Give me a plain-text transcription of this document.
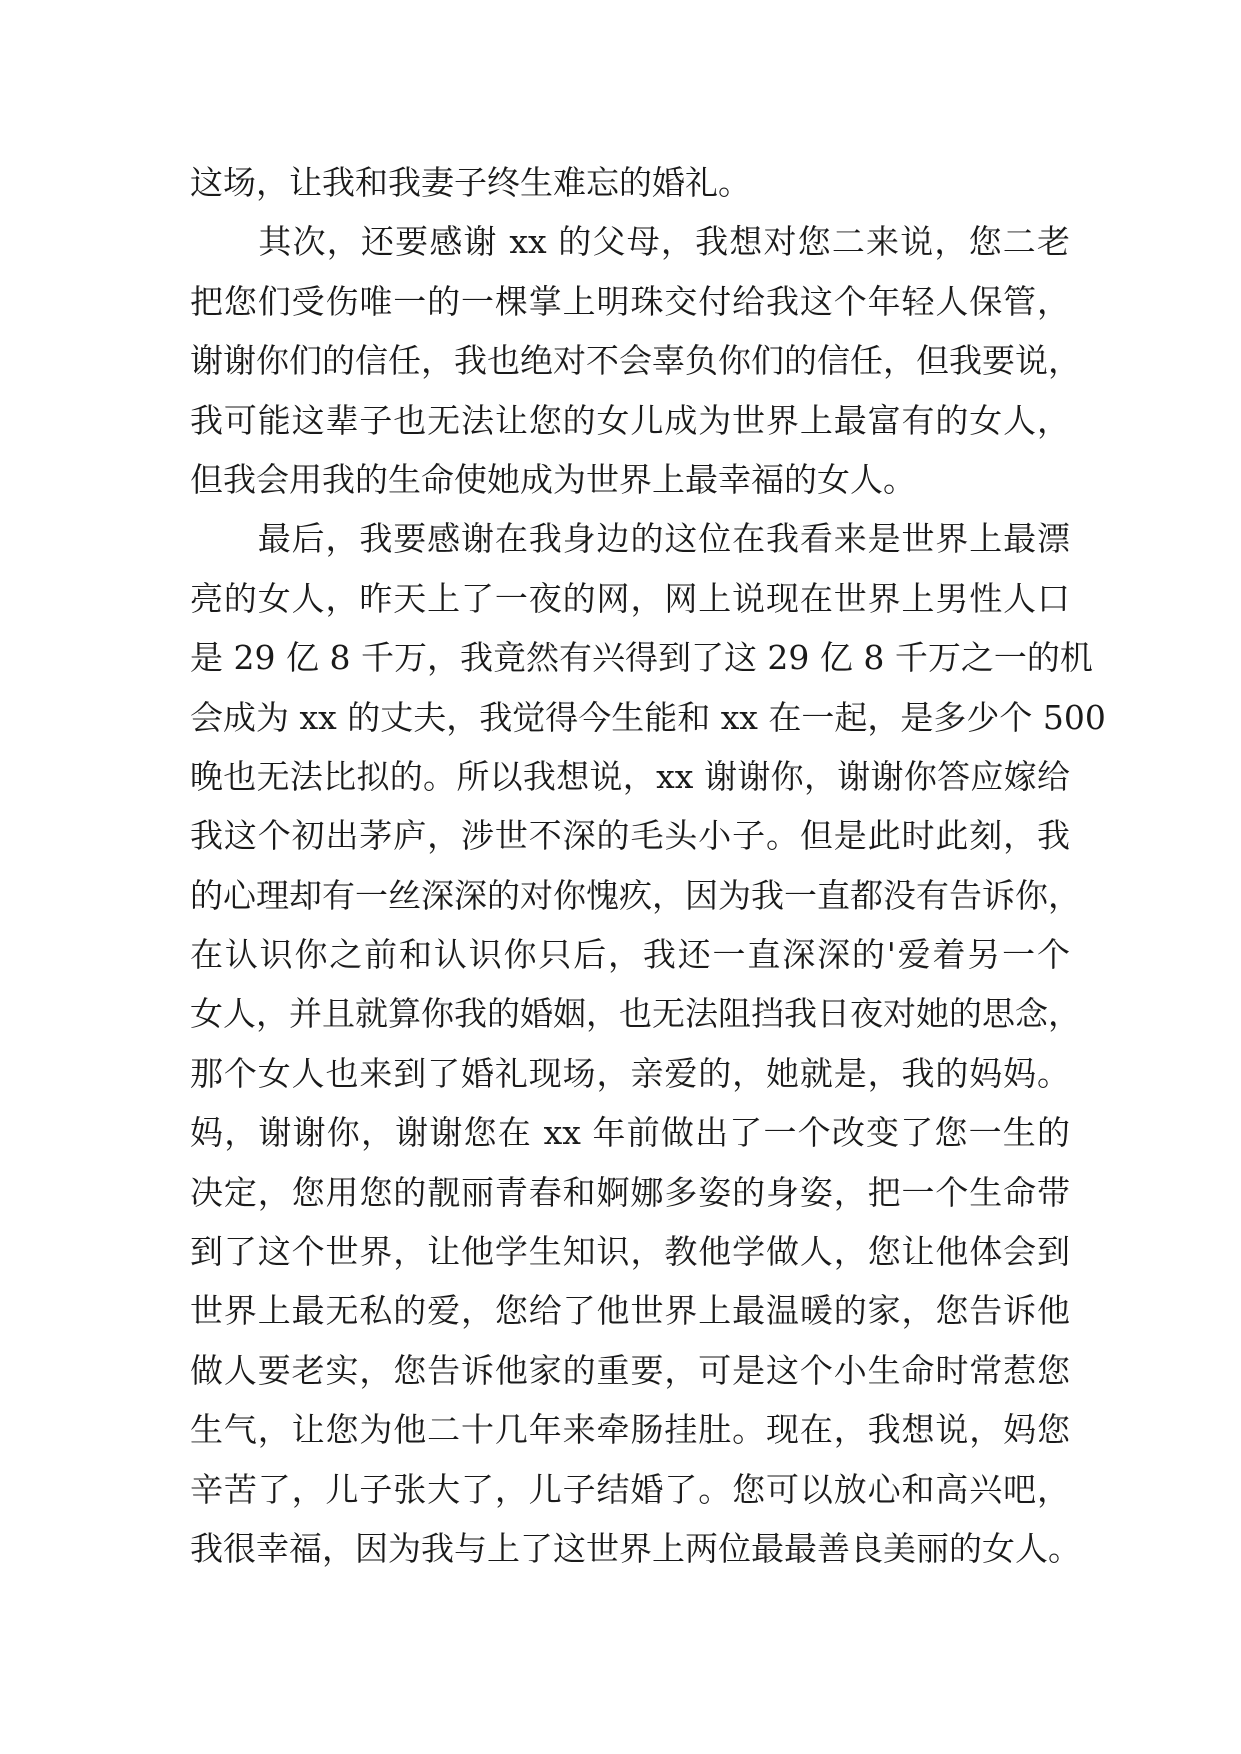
这场，让我和我妻子终生难忘的婚礼。
　　其次，还要感谢 xx 的父母，我想对您二来说，您二老
把您们受伤唯一的一棵掌上明珠交付给我这个年轻人保管，
谢谢你们的信任，我也绝对不会辜负你们的信任，但我要说，
我可能这辈子也无法让您的女儿成为世界上最富有的女人，
但我会用我的生命使她成为世界上最幸福的女人。
　　最后，我要感谢在我身边的这位在我看来是世界上最漂
亮的女人，昨天上了一夜的网，网上说现在世界上男性人口
是 29 亿 8 千万，我竟然有兴得到了这 29 亿 8 千万之一的机
会成为 xx 的丈夫，我觉得今生能和 xx 在一起，是多少个 500
晚也无法比拟的。所以我想说，xx 谢谢你，谢谢你答应嫁给
我这个初出茅庐，涉世不深的毛头小子。但是此时此刻，我
的心理却有一丝深深的对你愧疚，因为我一直都没有告诉你，
在认识你之前和认识你只后，我还一直深深的'爱着另一个
女人，并且就算你我的婚姻，也无法阻挡我日夜对她的思念，
那个女人也来到了婚礼现场，亲爱的，她就是，我的妈妈。
妈，谢谢你，谢谢您在 xx 年前做出了一个改变了您一生的
决定，您用您的靓丽青春和婀娜多姿的身姿，把一个生命带
到了这个世界，让他学生知识，教他学做人，您让他体会到
世界上最无私的爱，您给了他世界上最温暖的家，您告诉他
做人要老实，您告诉他家的重要，可是这个小生命时常惹您
生气，让您为他二十几年来牵肠挂肚。现在，我想说，妈您
辛苦了，儿子张大了，儿子结婚了。您可以放心和高兴吧，
我很幸福，因为我与上了这世界上两位最最善良美丽的女人。
